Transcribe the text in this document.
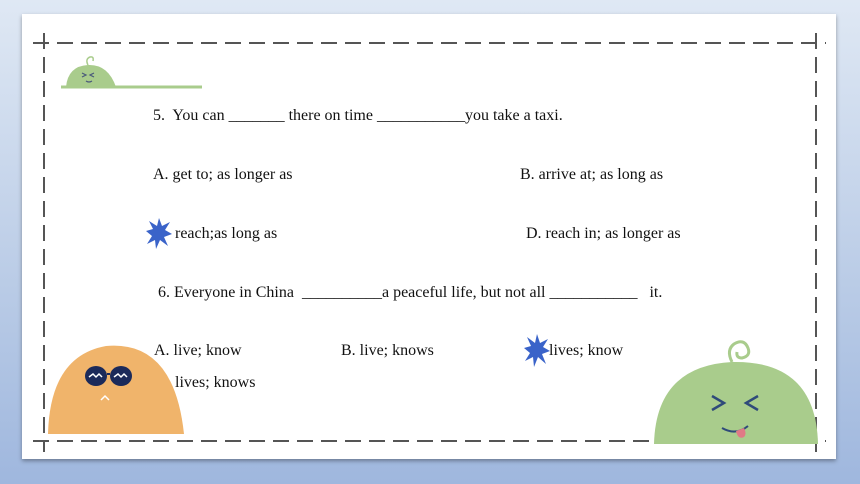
5.  You can _______ there on time ___________you take a taxi.
A. get to; as longer as	B. arrive at; as long as
reach;as long as	D. reach in; as longer as
6. Everyone in China  __________a peaceful life, but not all ___________   it.
A. live; know	B. live; knows	lives; know
lives; knows
